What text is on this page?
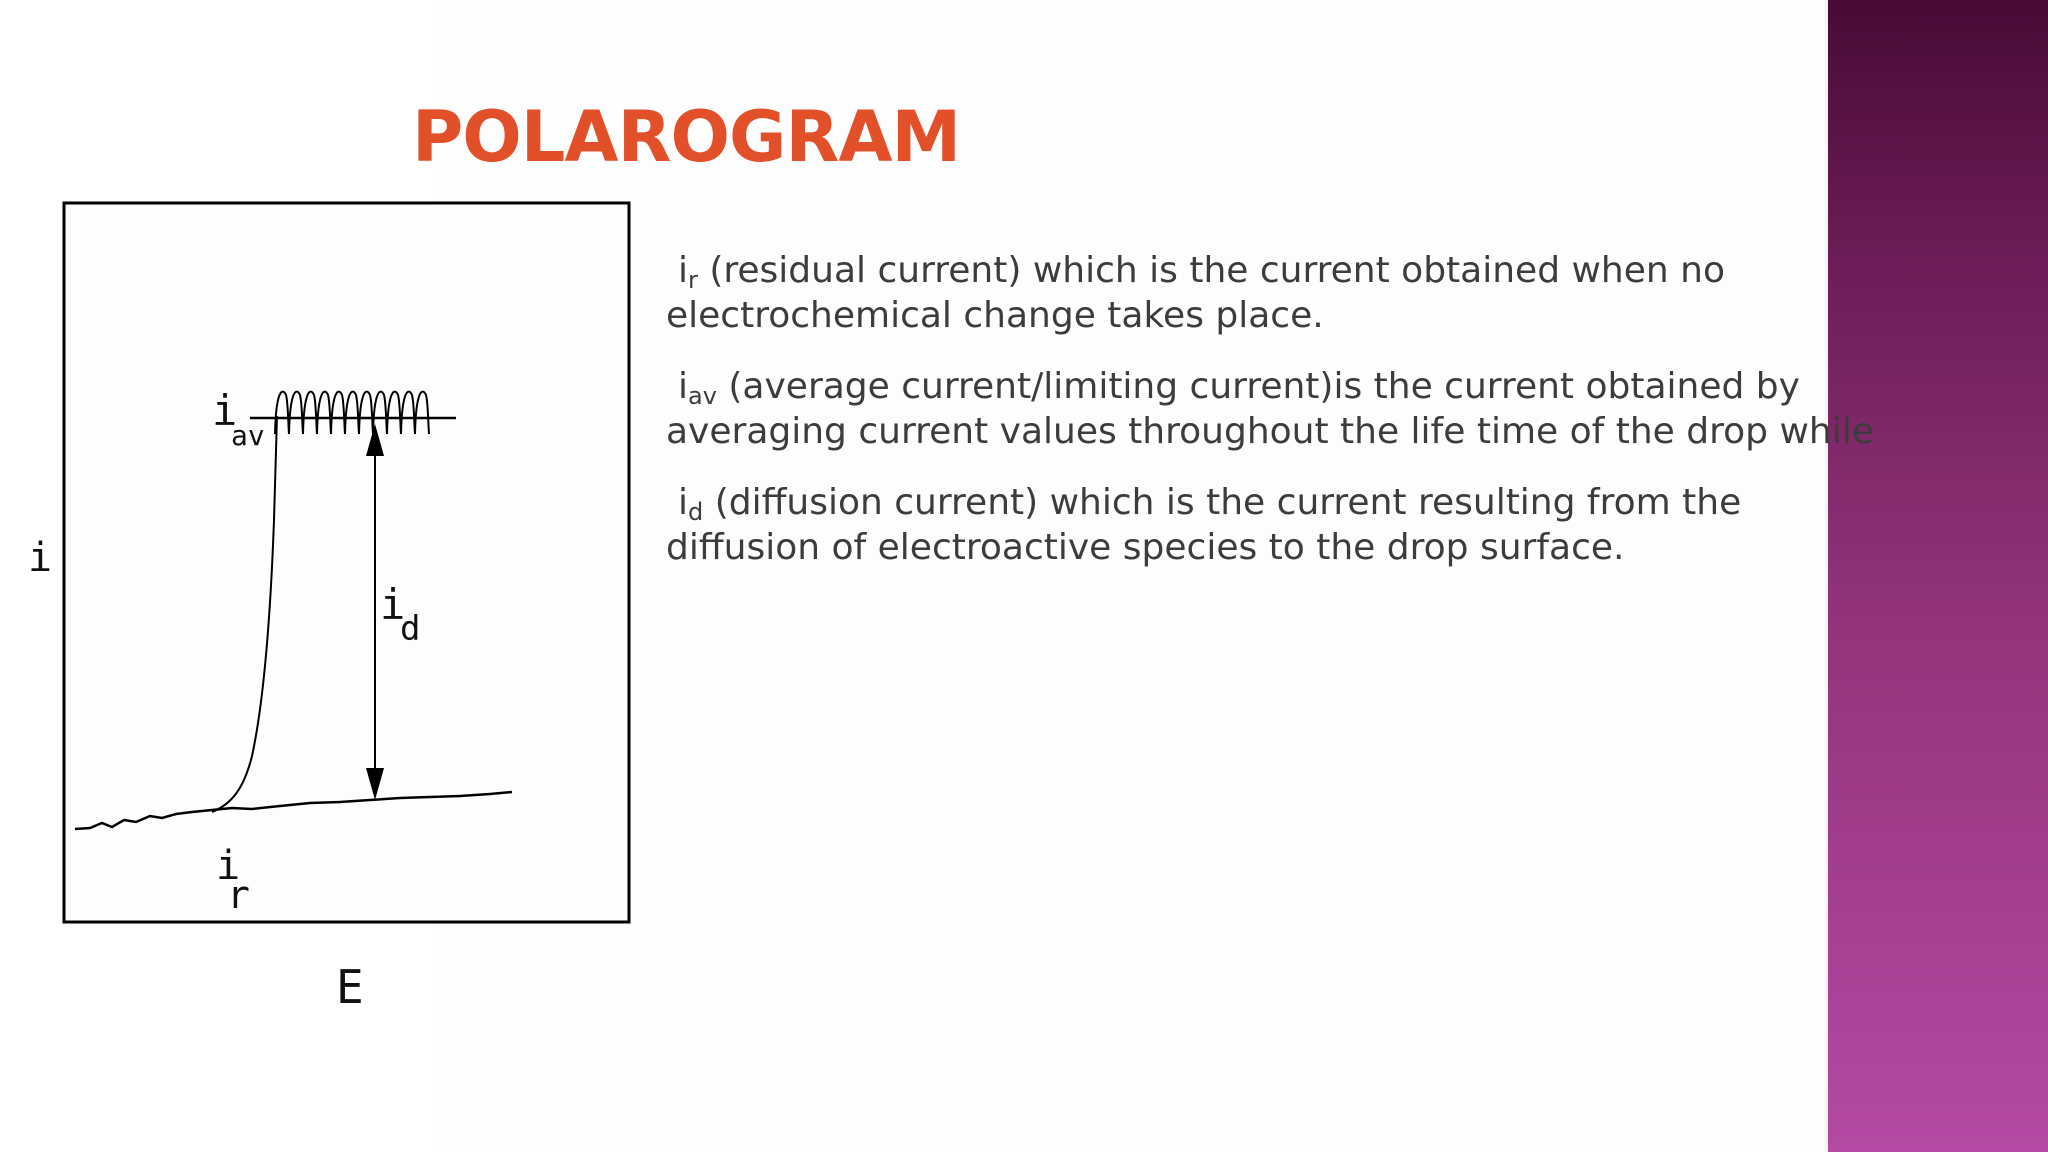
POLAROGRAM
i
i
av
i
d
i
r
E

$i_r$ (residual current) which is the current obtained when no
electrochemical change takes place.

$i_{av}$ (average current/limiting current)is the current obtained by
averaging current values throughout the life time of the drop while

$i_d$ (diffusion current) which is the current resulting from the
diffusion of electroactive species to the drop surface.
